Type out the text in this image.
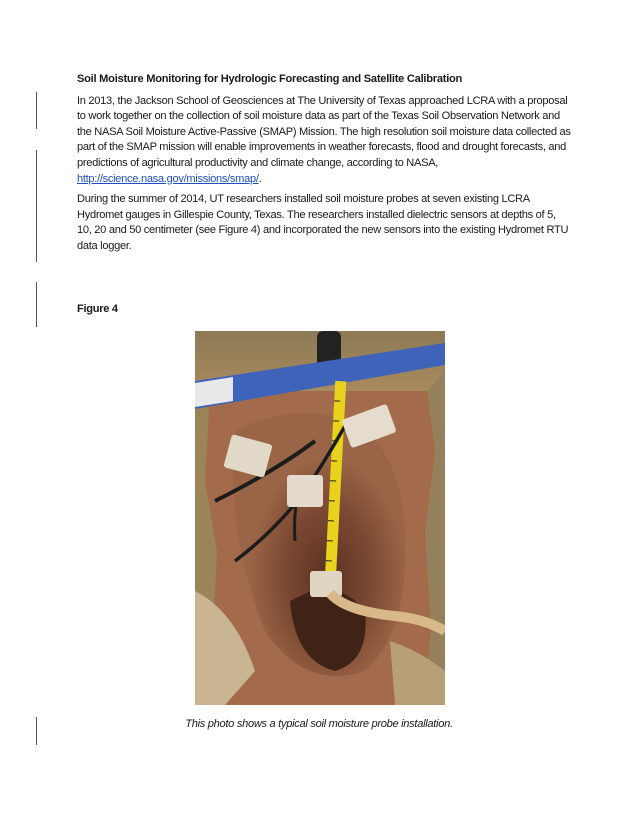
Soil Moisture Monitoring for Hydrologic Forecasting and Satellite Calibration

In 2013, the Jackson School of Geosciences at The University of Texas approached LCRA with a proposal to work together on the collection of soil moisture data as part of the Texas Soil Observation Network and the NASA Soil Moisture Active-Passive (SMAP) Mission. The high resolution soil moisture data collected as part of the SMAP mission will enable improvements in weather forecasts, flood and drought forecasts, and predictions of agricultural productivity and climate change, according to NASA, http://science.nasa.gov/missions/smap/.

During the summer of 2014, UT researchers installed soil moisture probes at seven existing LCRA Hydromet gauges in Gillespie County, Texas. The researchers installed dielectric sensors at depths of 5, 10, 20 and 50 centimeter (see Figure 4) and incorporated the new sensors into the existing Hydromet RTU data logger.

Figure 4
This photo shows a typical soil moisture probe installation.
